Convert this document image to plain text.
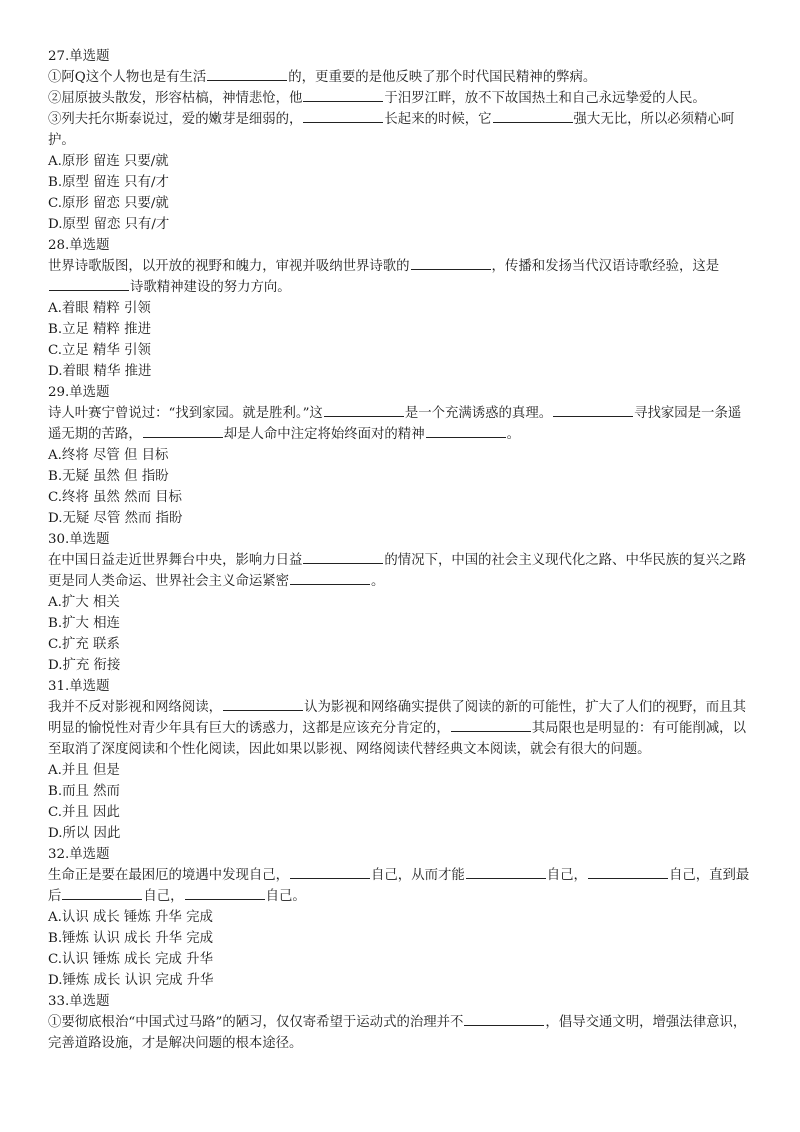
27.单选题

①阿Q这个人物也是有生活	的，更重要的是他反映了那个时代国民精神的弊病。

②屈原披头散发，形容枯槁，神情悲怆，他	于汨罗江畔，放不下故国热土和自己永远挚爱的人民。

③列夫托尔斯泰说过，爱的嫩芽是细弱的，	长起来的时候，它	强大无比，所以必须精心呵护。

A.原形 留连 只要/就

B.原型 留连 只有/才

C.原形 留恋 只要/就

D.原型 留恋 只有/才

28.单选题

世界诗歌版图，以开放的视野和魄力，审视并吸纳世界诗歌的	，传播和发扬当代汉语诗歌经验，这是诗歌精神建设的努力方向。

A.着眼 精粹 引领

B.立足 精粹 推进

C.立足 精华 引领

D.着眼 精华 推进

29.单选题

诗人叶赛宁曾说过：“找到家园。就是胜利。”这	是一个充满诱惑的真理。	寻找家园是一条遥遥无期的苦路，	却是人命中注定将始终面对的精神	。

A.终将 尽管 但 目标

B.无疑 虽然 但 指盼

C.终将 虽然 然而 目标

D.无疑 尽管 然而 指盼

30.单选题

在中国日益走近世界舞台中央，影响力日益	的情况下，中国的社会主义现代化之路、中华民族的复兴之路更是同人类命运、世界社会主义命运紧密	。

A.扩大 相关

B.扩大 相连

C.扩充 联系

D.扩充 衔接

31.单选题

我并不反对影视和网络阅读，	认为影视和网络确实提供了阅读的新的可能性，扩大了人们的视野，而且其明显的愉悦性对青少年具有巨大的诱惑力，这都是应该充分肯定的，	其局限也是明显的：有可能削减，以至取消了深度阅读和个性化阅读，因此如果以影视、网络阅读代替经典文本阅读，就会有很大的问题。

A.并且 但是

B.而且 然而

C.并且 因此

D.所以 因此

32.单选题

生命正是要在最困厄的境遇中发现自己，	自己，从而才能	自己，	自己，直到最后	自己，	自己。

A.认识 成长 锤炼 升华 完成

B.锤炼 认识 成长 升华 完成

C.认识 锤炼 成长 完成 升华

D.锤炼 成长 认识 完成 升华

33.单选题

①要彻底根治“中国式过马路”的陋习，仅仅寄希望于运动式的治理并不	，倡导交通文明，增强法律意识，完善道路设施，才是解决问题的根本途径。
